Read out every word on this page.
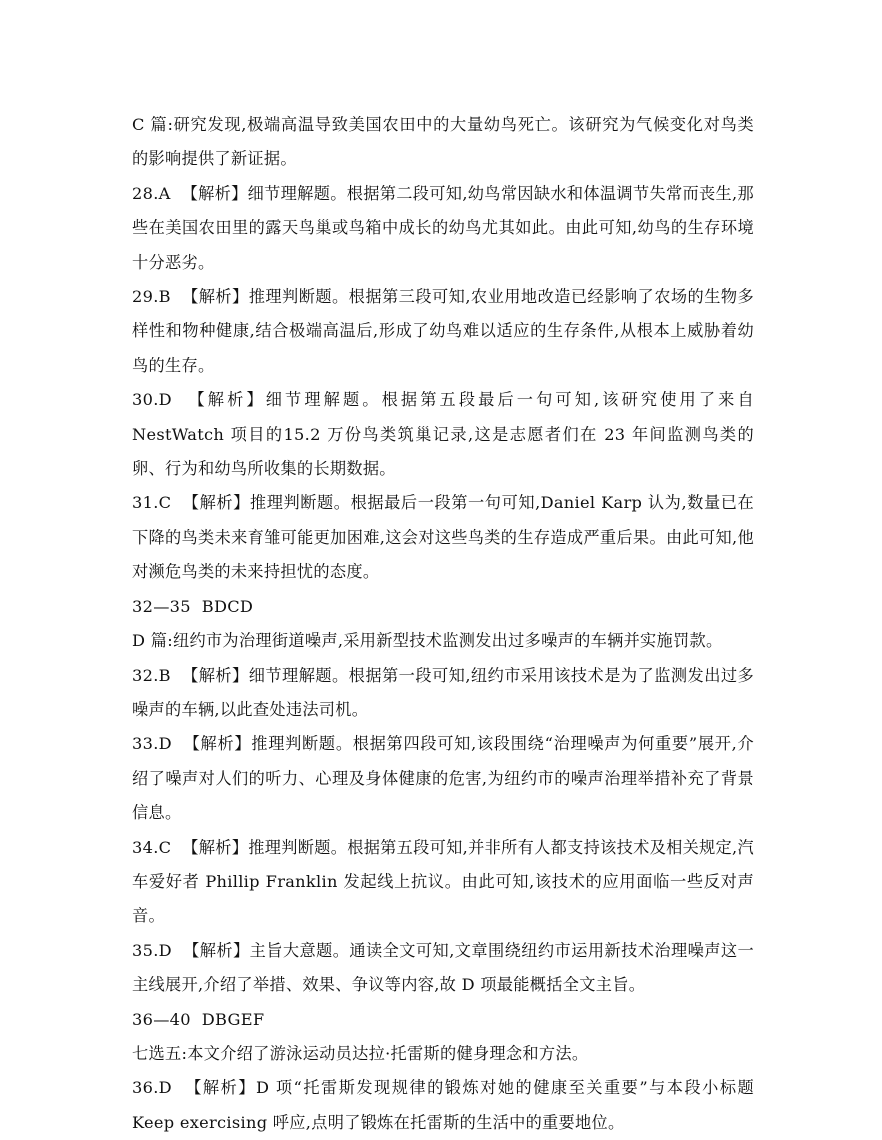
C 篇:研究发现,极端高温导致美国农田中的大量幼鸟死亡。该研究为气候变化对鸟类的影响提供了新证据。

28.A  【解析】细节理解题。根据第二段可知,幼鸟常因缺水和体温调节失常而丧生,那些在美国农田里的露天鸟巢或鸟箱中成长的幼鸟尤其如此。由此可知,幼鸟的生存环境十分恶劣。

29.B  【解析】推理判断题。根据第三段可知,农业用地改造已经影响了农场的生物多样性和物种健康,结合极端高温后,形成了幼鸟难以适应的生存条件,从根本上威胁着幼鸟的生存。

30.D  【解析】细节理解题。根据第五段最后一句可知,该研究使用了来自 NestWatch 项目的15.2 万份鸟类筑巢记录,这是志愿者们在 23 年间监测鸟类的卵、行为和幼鸟所收集的长期数据。

31.C  【解析】推理判断题。根据最后一段第一句可知,Daniel Karp 认为,数量已在下降的鸟类未来育雏可能更加困难,这会对这些鸟类的生存造成严重后果。由此可知,他对濒危鸟类的未来持担忧的态度。

32—35  BDCD

D 篇:纽约市为治理街道噪声,采用新型技术监测发出过多噪声的车辆并实施罚款。

32.B  【解析】细节理解题。根据第一段可知,纽约市采用该技术是为了监测发出过多噪声的车辆,以此查处违法司机。

33.D  【解析】推理判断题。根据第四段可知,该段围绕“治理噪声为何重要”展开,介绍了噪声对人们的听力、心理及身体健康的危害,为纽约市的噪声治理举措补充了背景信息。

34.C  【解析】推理判断题。根据第五段可知,并非所有人都支持该技术及相关规定,汽车爱好者 Phillip Franklin 发起线上抗议。由此可知,该技术的应用面临一些反对声音。

35.D  【解析】主旨大意题。通读全文可知,文章围绕纽约市运用新技术治理噪声这一主线展开,介绍了举措、效果、争议等内容,故 D 项最能概括全文主旨。

36—40  DBGEF

七选五:本文介绍了游泳运动员达拉·托雷斯的健身理念和方法。

36.D  【解析】D 项“托雷斯发现规律的锻炼对她的健康至关重要”与本段小标题 Keep exercising 呼应,点明了锻炼在托雷斯的生活中的重要地位。
